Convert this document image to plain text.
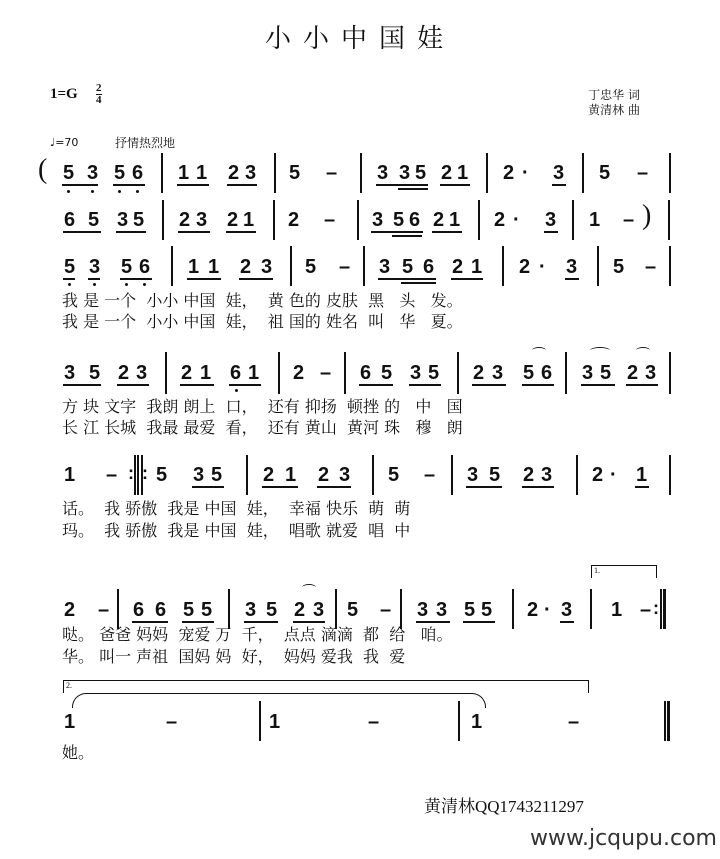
小小中国娃
$1=G \frac{2}{4}$	丁忠华 词
黄清林 曲
♩=70	抒情热烈地
( 5 3 5 6 1 1 2 3 5 – 3 3 5 2 1 2 · 3 5 –
6 5 3 5 2 3 2 1 2 – 3 5 6 2 1 2 · 3 1 – )
5 3 5 6 1 1 2 3 5 – 3 5 6 2 1 2 · 3 5 –
我 是 一个  小小 中国  娃，  黄 色的 皮肤  黑   头   发。
我 是 一个  小小 中国  娃，  祖 国的 姓名  叫   华   夏。
3 5 2 3 2 1 6 1 2 – 6 5 3 5 2 3 5 6 3 5 2 3
方 块 文字  我朗 朗上  口，  还有 抑扬  顿挫 的   中   国
长 江 长城  我最 最爱  看，  还有 黄山  黄河 珠   穆   朗
1 – : : 5 3 5 2 1 2 3 5 – 3 5 2 3 2 · 1
话。  我 骄傲  我是 中国  娃，  幸福 快乐  萌  萌
玛。  我 骄傲  我是 中国  娃，  唱歌 就爱  唱  中
1.
2 – 6 6 5 5 3 5 2 3 5 – 3 3 5 5 2 · 3 1 – :
哒。 爸爸 妈妈  宠爱 万  千，  点点 滴滴  都  给   咱。
华。 叫一 声祖  国妈 妈  好，  妈妈 爱我  我  爱
2.
1	–	1	–	1	–
她。
黄清林QQ1743211297
www.jcqupu.com
